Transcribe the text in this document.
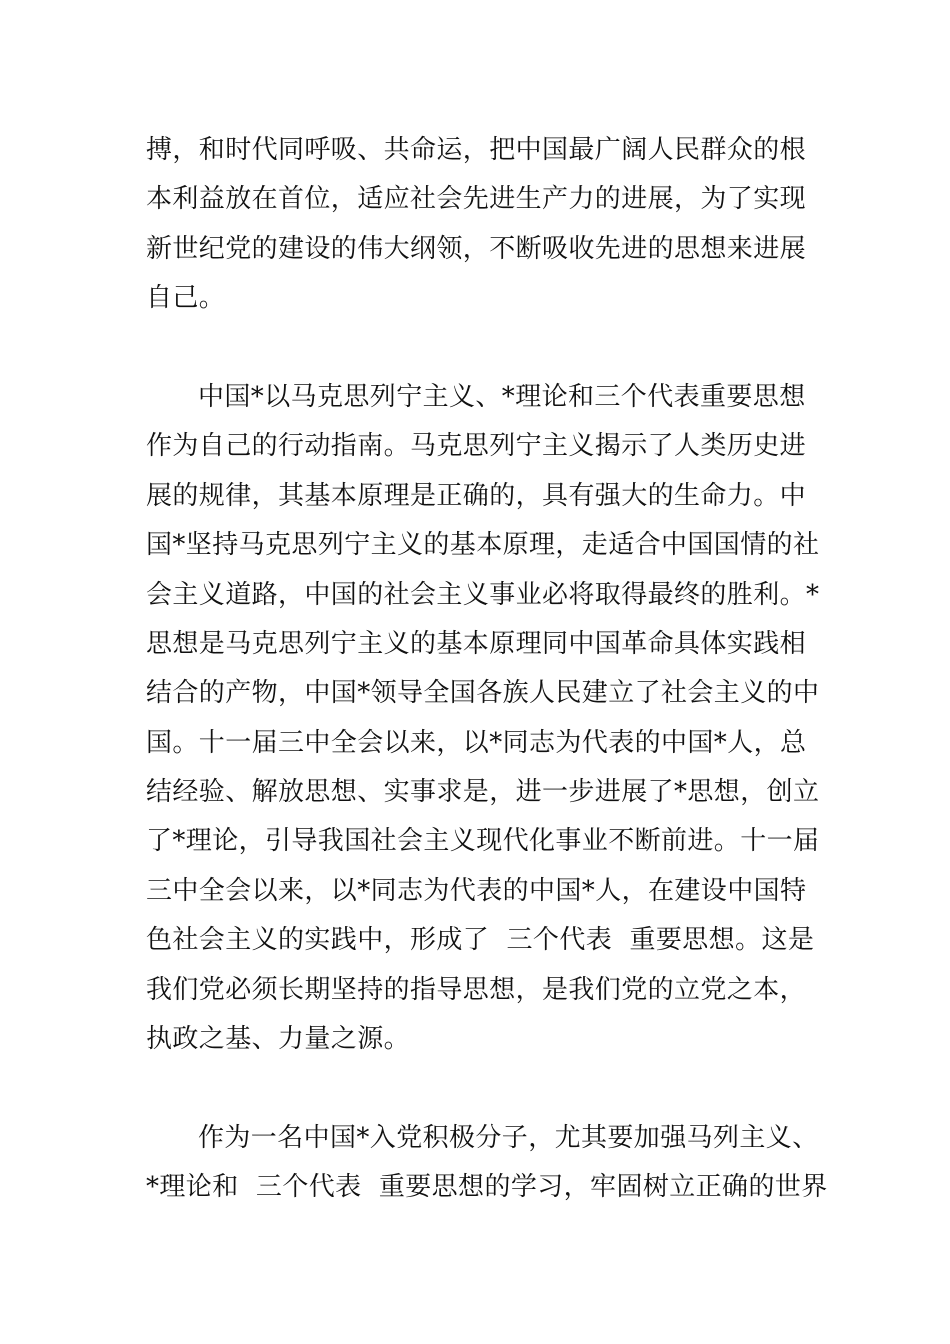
搏，和时代同呼吸、共命运，把中国最广阔人民群众的根
本利益放在首位，适应社会先进生产力的进展，为了实现
新世纪党的建设的伟大纲领，不断吸收先进的思想来进展
自己。
中国*以马克思列宁主义、*理论和三个代表重要思想
作为自己的行动指南。马克思列宁主义揭示了人类历史进
展的规律，其基本原理是正确的，具有强大的生命力。中
国*坚持马克思列宁主义的基本原理，走适合中国国情的社
会主义道路，中国的社会主义事业必将取得最终的胜利。*
思想是马克思列宁主义的基本原理同中国革命具体实践相
结合的产物，中国*领导全国各族人民建立了社会主义的中
国。十一届三中全会以来，以*同志为代表的中国*人，总
结经验、解放思想、实事求是，进一步进展了*思想，创立
了*理论，引导我国社会主义现代化事业不断前进。十一届
三中全会以来，以*同志为代表的中国*人，在建设中国特
色社会主义的实践中，形成了  三个代表  重要思想。这是
我们党必须长期坚持的指导思想，是我们党的立党之本，
执政之基、力量之源。
作为一名中国*入党积极分子，尤其要加强马列主义、
*理论和  三个代表  重要思想的学习，牢固树立正确的世界
